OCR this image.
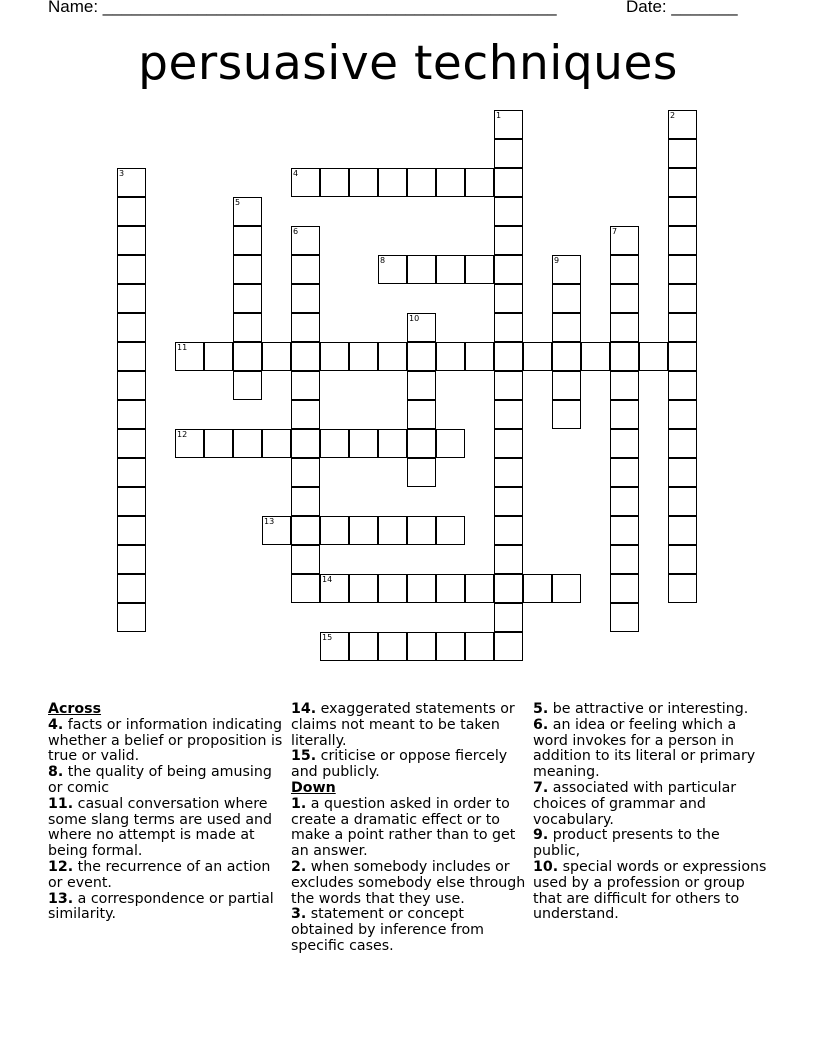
Name: ________________________________________________	Date: _______
persuasive techniques
1	2
3	4
5
6	7
8	9
10
11
12
13
14
15

Across

4. facts or information indicating whether a belief or proposition is true or valid.

8. the quality of being amusing or comic

11. casual conversation where some slang terms are used and where no attempt is made at being formal.

12. the recurrence of an action or event.

13. a correspondence or partial similarity.

14. exaggerated statements or claims not meant to be taken literally.

15. criticise or oppose fiercely and publicly.

Down

1. a question asked in order to create a dramatic effect or to make a point rather than to get an answer.

2. when somebody includes or excludes somebody else through the words that they use.

3. statement or concept obtained by inference from specific cases.

5. be attractive or interesting.

6. an idea or feeling which a word invokes for a person in addition to its literal or primary meaning.

7. associated with particular choices of grammar and vocabulary.

9. product presents to the public,

10. special words or expressions used by a profession or group that are difficult for others to understand.
